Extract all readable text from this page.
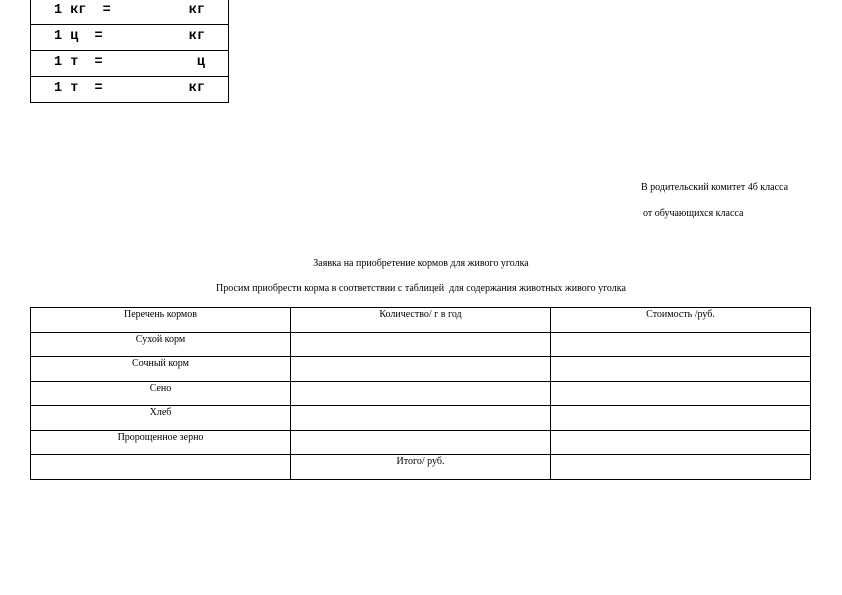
1 кг  =	кг

1 ц  =	кг

1 т  =	ц

1 т  =	кг
В родительский комитет 4б класса
от обучающихся класса
Заявка на приобретение кормов для живого уголка
Просим приобрести корма в соответствии с таблицей  для содержания животных живого уголка
Перечень кормов	Количество/ г в год	Стоимость /руб.
Сухой корм		
Сочный корм		
Сено		
Хлеб		
Пророщенное зерно		
	Итого/ руб.	
